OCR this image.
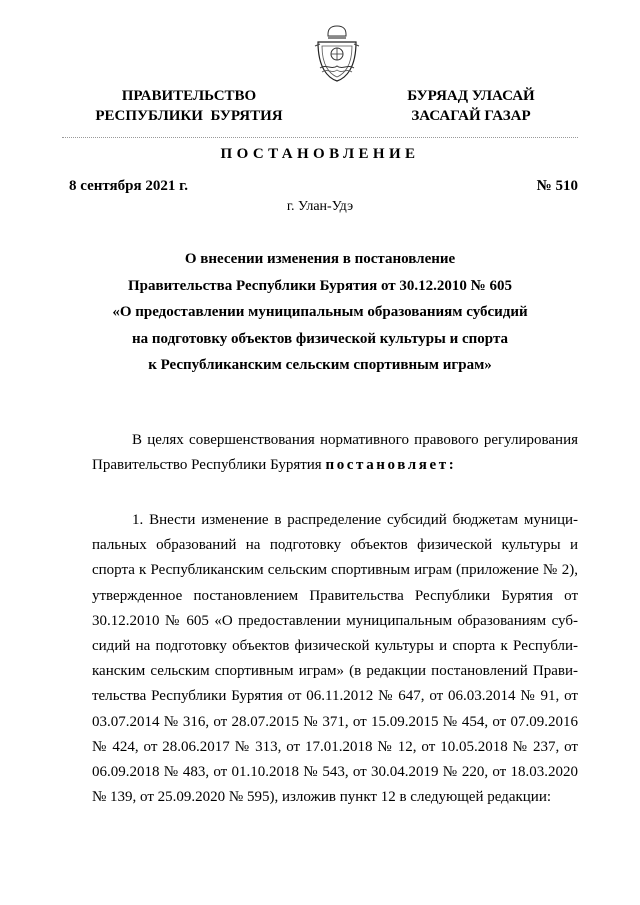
ПРАВИТЕЛЬСТВО
РЕСПУБЛИКИ  БУРЯТИЯ
БУРЯАД УЛАСАЙ
ЗАСАГАЙ ГАЗАР
ПОСТАНОВЛЕНИЕ
8 сентября 2021 г.	№ 510
г. Улан-Удэ
О внесении изменения в постановление
Правительства Республики Бурятия от 30.12.2010 № 605
«О предоставлении муниципальным образованиям субсидий
на подготовку объектов физической культуры и спорта
к Республиканским сельским спортивным играм»
В целях совершенствования нормативного правового регулирования
Правительство Республики Бурятия постановляет:
1. Внести изменение в распределение субсидий бюджетам муници-
пальных образований на подготовку объектов физической культуры и
спорта к Республиканским сельским спортивным играм (приложение № 2),
утвержденное постановлением Правительства Республики Бурятия от
30.12.2010 № 605 «О предоставлении муниципальным образованиям суб-
сидий на подготовку объектов физической культуры и спорта к Республи-
канским сельским спортивным играм» (в редакции постановлений Прави-
тельства Республики Бурятия от 06.11.2012 № 647, от 06.03.2014 № 91, от
03.07.2014 № 316, от 28.07.2015 № 371, от 15.09.2015 № 454, от 07.09.2016
№ 424, от 28.06.2017 № 313, от 17.01.2018 № 12, от 10.05.2018 № 237, от
06.09.2018 № 483, от 01.10.2018 № 543, от 30.04.2019 № 220, от 18.03.2020
№ 139, от 25.09.2020 № 595), изложив пункт 12 в следующей редакции:
